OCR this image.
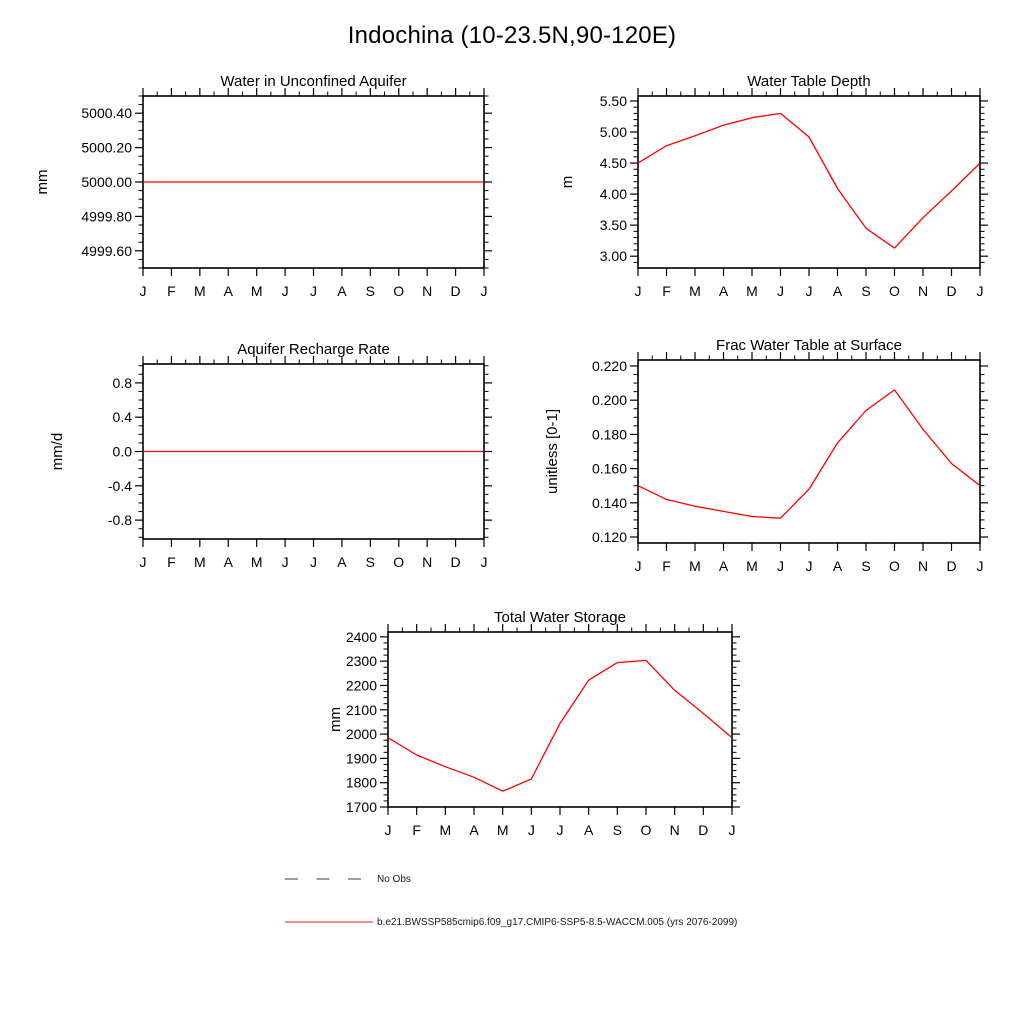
Indochina (10-23.5N,90-120E)
J F M A M J J A S O N D J
4999.60
4999.80
5000.00
5000.20
5000.40
Water in Unconfined Aquifer
mm
J F M A M J J A S O N D J
3.00
3.50
4.00
4.50
5.00
5.50
Water Table Depth
m
J F M A M J J A S O N D J
-0.8
-0.4
0.0
0.4
0.8
Aquifer Recharge Rate
mm/d
J F M A M J J A S O N D J
0.120
0.140
0.160
0.180
0.200
0.220
Frac Water Table at Surface
unitless [0-1]
J F M A M J J A S O N D J
1700
1800
1900
2000
2100
2200
2300
2400
Total Water Storage
mm
No Obs
b.e21.BWSSP585cmip6.f09_g17.CMIP6-SSP5-8.5-WACCM.005 (yrs 2076-2099)
